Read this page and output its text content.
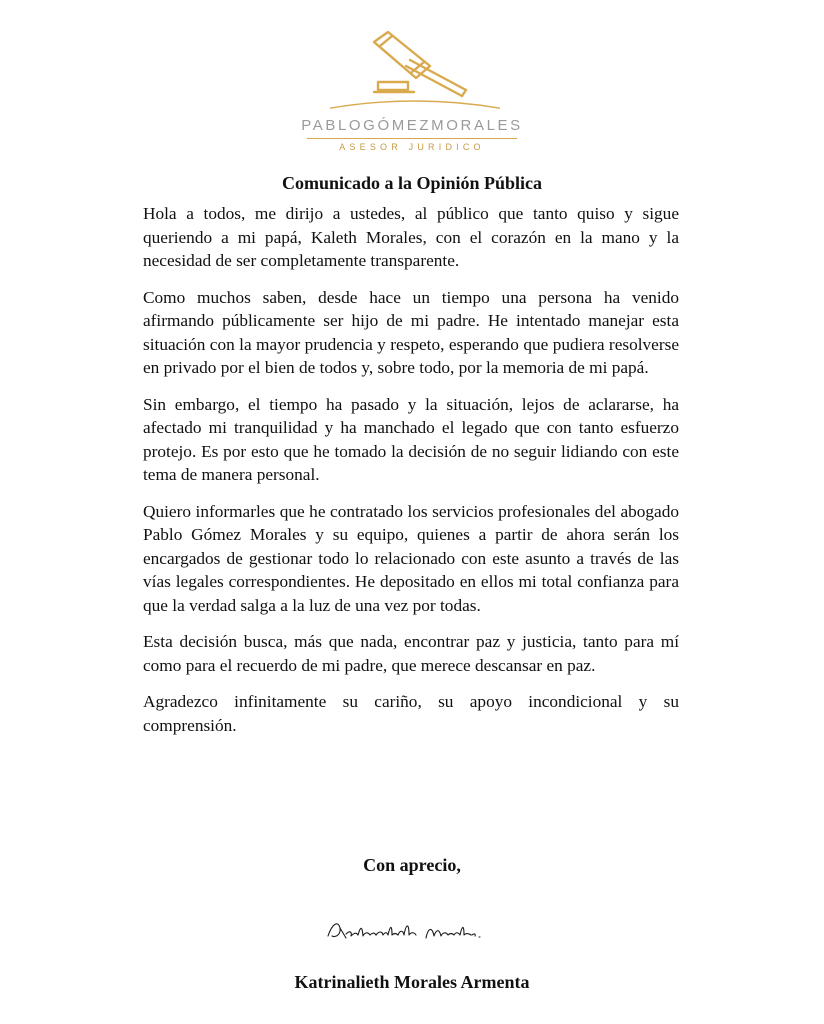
PABLOGÓMEZMORALES
ASESOR JURIDICO
Comunicado a la Opinión Pública

Hola a todos, me dirijo a ustedes, al público que tanto quiso y sigue queriendo a mi papá, Kaleth Morales, con el corazón en la mano y la necesidad de ser completamente transparente.

Como muchos saben, desde hace un tiempo una persona ha venido afirmando públicamente ser hijo de mi padre. He intentado manejar esta situación con la mayor prudencia y respeto, esperando que pudiera resolverse en privado por el bien de todos y, sobre todo, por la memoria de mi papá.

Sin embargo, el tiempo ha pasado y la situación, lejos de aclararse, ha afectado mi tranquilidad y ha manchado el legado que con tanto esfuerzo protejo. Es por esto que he tomado la decisión de no seguir lidiando con este tema de manera personal.

Quiero informarles que he contratado los servicios profesionales del abogado Pablo Gómez Morales y su equipo, quienes a partir de ahora serán los encargados de gestionar todo lo relacionado con este asunto a través de las vías legales correspondientes. He depositado en ellos mi total confianza para que la verdad salga a la luz de una vez por todas.

Esta decisión busca, más que nada, encontrar paz y justicia, tanto para mí como para el recuerdo de mi padre, que merece descansar en paz.

Agradezco infinitamente su cariño, su apoyo incondicional y su comprensión.

Con aprecio,
Katrinalieth Morales Armenta
